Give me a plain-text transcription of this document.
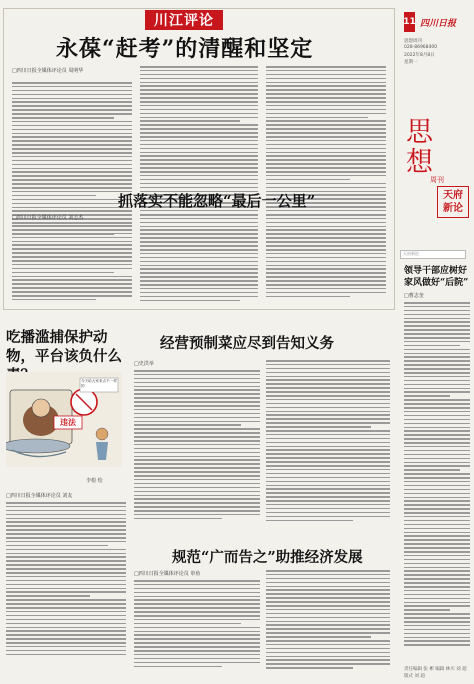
川江评论
永葆“赶考”的清醒和坚定
□四川日报全媒体评论员 周明华
抓落实不能忽略“最后一公里”
□四川日报全媒体评论员 刘志杰
吃播滥捕保护动物，平台该负什么
违法
今天给大家来点不一样的
李根 绘
□四川日报全媒体评论员 刘友
经营预制菜应尽到告知义务
□史洪举
规范“广而告之”助推经济发展
□四川日报全媒体评论员 单鱼
11 四川日报
思想周刊
028-86968400
2022年8月8日
星期一
思想
周刊
天府新论
天府新论
领导干部应树好家风做好“后院”
□曹志奎
责任编辑 张 彬 编辑 林川 刘 超
版式 刘 超
